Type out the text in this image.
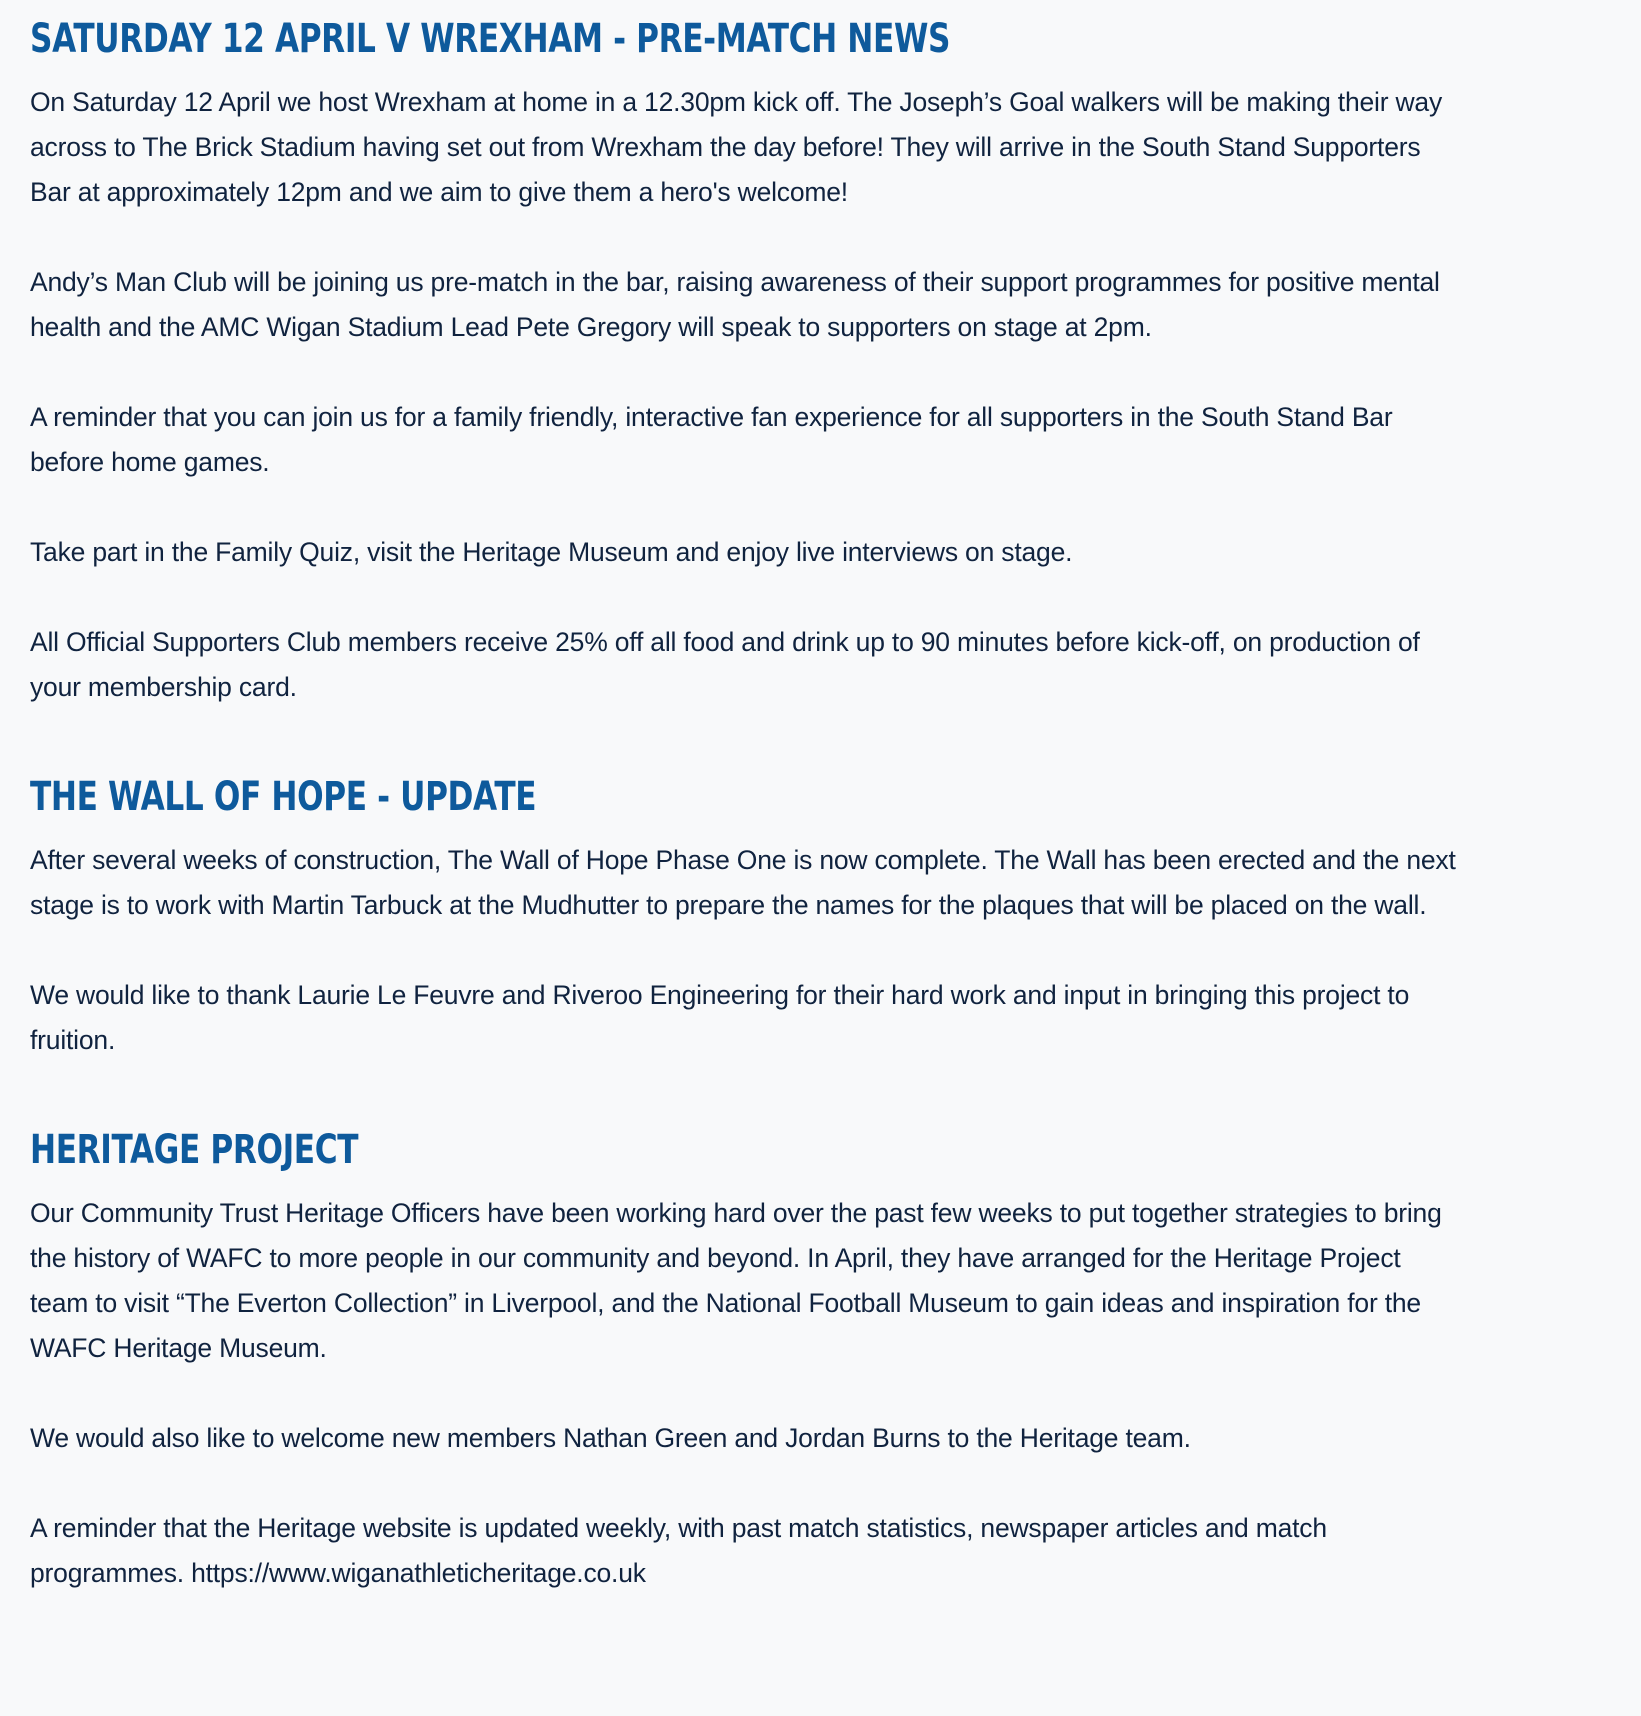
SATURDAY 12 APRIL V WREXHAM - PRE-MATCH NEWS

On Saturday 12 April we host Wrexham at home in a 12.30pm kick off. The Joseph’s Goal walkers will be making their way across to The Brick Stadium having set out from Wrexham the day before! They will arrive in the South Stand Supporters Bar at approximately 12pm and we aim to give them a hero's welcome!

Andy’s Man Club will be joining us pre-match in the bar, raising awareness of their support programmes for positive mental health and the AMC Wigan Stadium Lead Pete Gregory will speak to supporters on stage at 2pm.

A reminder that you can join us for a family friendly, interactive fan experience for all supporters in the South Stand Bar before home games.

Take part in the Family Quiz, visit the Heritage Museum and enjoy live interviews on stage.

All Official Supporters Club members receive 25% off all food and drink up to 90 minutes before kick-off, on production of your membership card.

THE WALL OF HOPE - UPDATE

After several weeks of construction, The Wall of Hope Phase One is now complete. The Wall has been erected and the next stage is to work with Martin Tarbuck at the Mudhutter to prepare the names for the plaques that will be placed on the wall.

We would like to thank Laurie Le Feuvre and Riveroo Engineering for their hard work and input in bringing this project to fruition.

HERITAGE PROJECT

Our Community Trust Heritage Officers have been working hard over the past few weeks to put together strategies to bring the history of WAFC to more people in our community and beyond. In April, they have arranged for the Heritage Project team to visit “The Everton Collection” in Liverpool, and the National Football Museum to gain ideas and inspiration for the WAFC Heritage Museum.

We would also like to welcome new members Nathan Green and Jordan Burns to the Heritage team.

A reminder that the Heritage website is updated weekly, with past match statistics, newspaper articles and match programmes. https://www.wiganathleticheritage.co.uk
